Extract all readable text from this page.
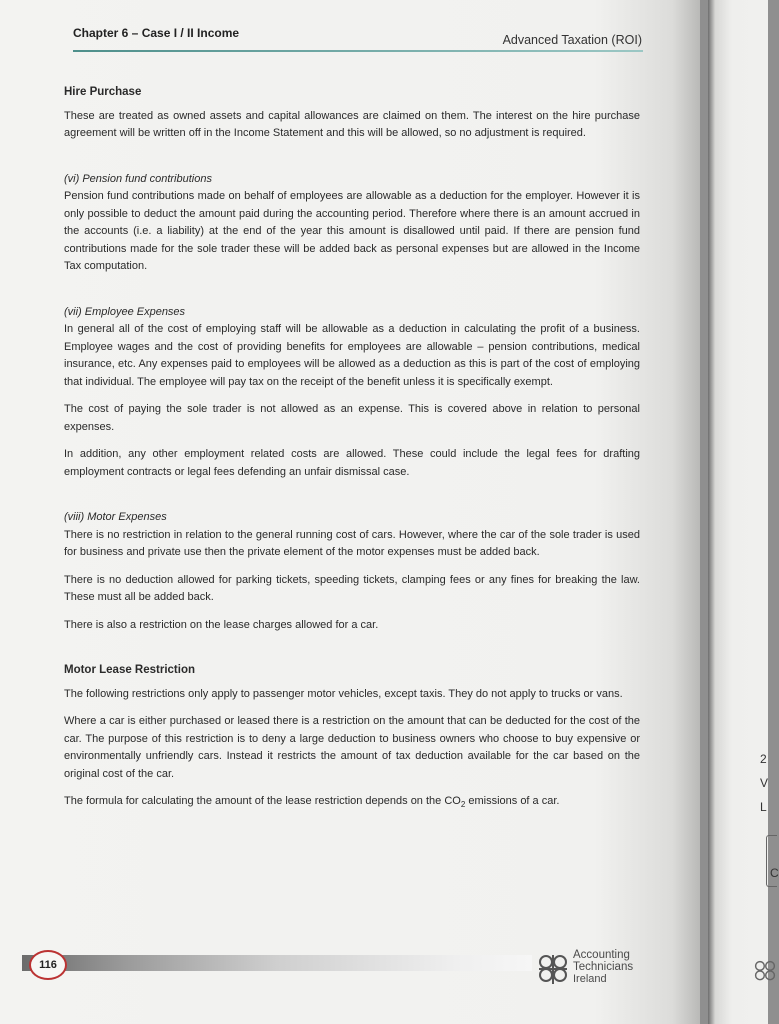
Chapter 6 – Case I / II Income	Advanced Taxation (ROI)
Hire Purchase

These are treated as owned assets and capital allowances are claimed on them. The interest on the hire purchase agreement will be written off in the Income Statement and this will be allowed, so no adjustment is required.

(vi) Pension fund contributions

Pension fund contributions made on behalf of employees are allowable as a deduction for the employer. However it is only possible to deduct the amount paid during the accounting period. Therefore where there is an amount accrued in the accounts (i.e. a liability) at the end of the year this amount is disallowed until paid. If there are pension fund contributions made for the sole trader these will be added back as personal expenses but are allowed in the Income Tax computation.

(vii) Employee Expenses

In general all of the cost of employing staff will be allowable as a deduction in calculating the profit of a business. Employee wages and the cost of providing benefits for employees are allowable – pension contributions, medical insurance, etc. Any expenses paid to employees will be allowed as a deduction as this is part of the cost of employing that individual. The employee will pay tax on the receipt of the benefit unless it is specifically exempt.

The cost of paying the sole trader is not allowed as an expense. This is covered above in relation to personal expenses.

In addition, any other employment related costs are allowed. These could include the legal fees for drafting employment contracts or legal fees defending an unfair dismissal case.

(viii) Motor Expenses

There is no restriction in relation to the general running cost of cars. However, where the car of the sole trader is used for business and private use then the private element of the motor expenses must be added back.

There is no deduction allowed for parking tickets, speeding tickets, clamping fees or any fines for breaking the law. These must all be added back.

There is also a restriction on the lease charges allowed for a car.

Motor Lease Restriction

The following restrictions only apply to passenger motor vehicles, except taxis. They do not apply to trucks or vans.

Where a car is either purchased or leased there is a restriction on the amount that can be deducted for the cost of the car. The purpose of this restriction is to deny a large deduction to business owners who choose to buy expensive or environmentally unfriendly cars. Instead it restricts the amount of tax deduction available for the car based on the original cost of the car.

The formula for calculating the amount of the lease restriction depends on the $CO_2$ emissions of a car.

116
Accounting
Technicians
Ireland
2
V
L
C
